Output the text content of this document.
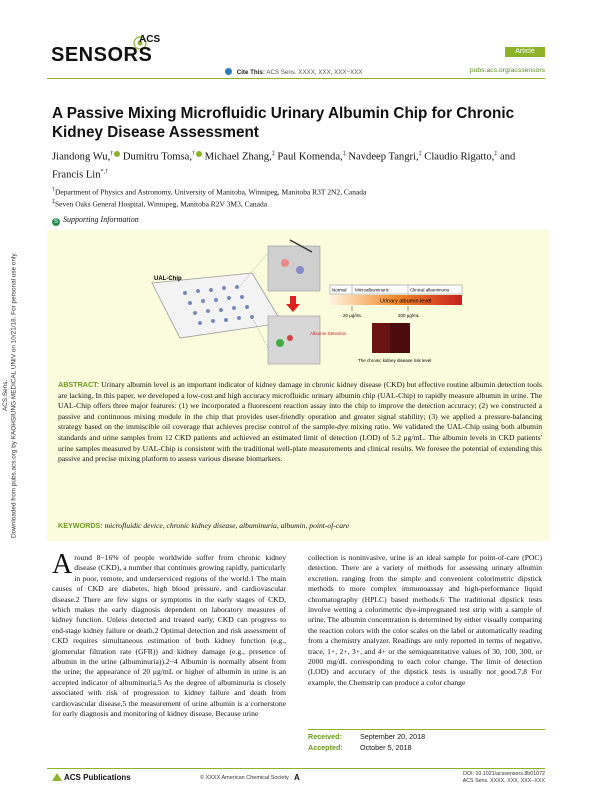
ACS Sens. Downloaded from pubs.acs.org by KAOHSIUNG MEDICAL UNIV on 10/21/18. For personal use only.
ACS
SENSORS	Article
Cite This: ACS Sens. XXXX, XXX, XXX−XXX	pubs.acs.org/acssensors
A Passive Mixing Microfluidic Urinary Albumin Chip for Chronic Kidney Disease Assessment
Jiandong Wu,† Dumitru Tomsa,† Michael Zhang,‡ Paul Komenda,‡ Navdeep Tangri,‡ Claudio Rigatto,‡ and Francis Lin*,†
†Department of Physics and Astronomy, University of Manitoba, Winnipeg, Manitoba R3T 2N2, Canada
‡Seven Oaks General Hospital, Winnipeg, Manitoba R2V 3M3, Canada
S Supporting Information
UAL-Chip
Albumin Detection
Normal Microalbuminuric	Clinical albuminuria
Urinary albumin level
20 μg/mL	200 μg/mL
The chronic kidney disease risk level

ABSTRACT: Urinary albumin level is an important indicator of kidney damage in chronic kidney disease (CKD) but effective routine albumin detection tools are lacking. In this paper, we developed a low-cost and high accuracy microfluidic urinary albumin chip (UAL-Chip) to rapidly measure albumin in urine. The UAL-Chip offers three major features: (1) we incorporated a fluorescent reaction assay into the chip to improve the detection accuracy; (2) we constructed a passive and continuous mixing module in the chip that provides user-friendly operation and greater signal stability; (3) we applied a pressure-balancing strategy based on the immiscible oil coverage that achieves precise control of the sample-dye mixing ratio. We validated the UAL-Chip using both albumin standards and urine samples from 12 CKD patients and achieved an estimated limit of detection (LOD) of 5.2 μg/mL. The albumin levels in CKD patients' urine samples measured by UAL-Chip is consistent with the traditional well-plate measurements and clinical results. We foresee the potential of extending this passive and precise mixing platform to assess various disease biomarkers.

KEYWORDS: microfluidic device, chronic kidney disease, albuminuria, albumin, point-of-care

Around 8−16% of people worldwide suffer from chronic kidney disease (CKD), a number that continues growing rapidly, particularly in poor, remote, and underserviced regions of the world.1 The main causes of CKD are diabetes, high blood pressure, and cardiovascular disease.2 There are few signs or symptoms in the early stages of CKD, which makes the early diagnosis dependent on laboratory measures of kidney function. Unless detected and treated early, CKD can progress to end-stage kidney failure or death.2 Optimal detection and risk assessment of CKD requires simultaneous estimation of both kidney function (e.g., glomerular filtration rate (GFR)) and kidney damage (e.g., presence of albumin in the urine (albuminuria)).2−4 Albumin is normally absent from the urine; the appearance of 20 μg/mL or higher of albumin in urine is an accepted indicator of albuminuria.5 As the degree of albuminuria is closely associated with risk of progression to kidney failure and death from cardiovascular disease,5 the measurement of urine albumin is a cornerstone for early diagnosis and monitoring of kidney disease. Because urine
collection is noninvasive, urine is an ideal sample for point-of-care (POC) detection. There are a variety of methods for assessing urinary albumin excretion, ranging from the simple and convenient colorimetric dipstick methods to more complex immunoassay and high-performance liquid chromatography (HPLC) based methods.6 The traditional dipstick tests involve wetting a colorimetric dye-impregnated test strip with a sample of urine. The albumin concentration is determined by either visually comparing the reaction colors with the color scales on the label or automatically reading from a chemistry analyzer. Readings are only reported in terms of negative, trace, 1+, 2+, 3+, and 4+ or the semiquantitative values of 30, 100, 300, or 2000 mg/dL corresponding to each color change. The limit of detection (LOD) and accuracy of the dipstick tests is usually not good.7,8 For example, the Chemstrip can produce a color change
Received:	September 20, 2018
Accepted: October 5, 2018
ACS Publications	© XXXX American Chemical Society A	DOI: 10.1021/acssensors.8b01072
ACS Sens. XXXX, XXX, XXX−XXX
